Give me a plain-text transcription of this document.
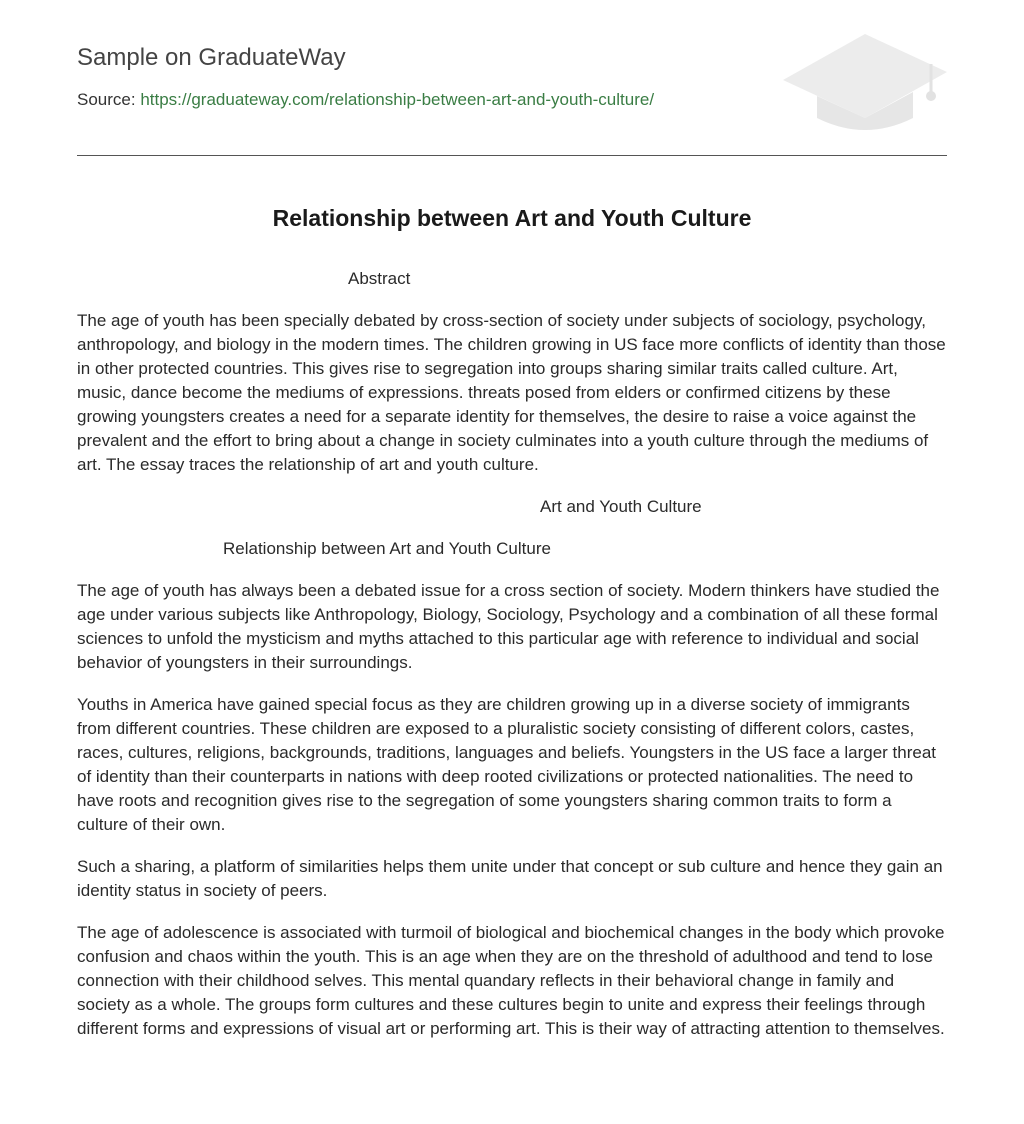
Sample on GraduateWay
Source: https://graduateway.com/relationship-between-art-and-youth-culture/
Relationship between Art and Youth Culture

Abstract

The age of youth has been specially debated by cross-section of society under subjects of sociology, psychology, anthropology, and biology in the modern times. The children growing in US face more conflicts of identity than those in other protected countries. This gives rise to segregation into groups sharing similar traits called culture. Art, music, dance become the mediums of expressions. threats posed from elders or confirmed citizens by these growing youngsters creates a need for a separate identity for themselves, the desire to raise a voice against the prevalent and the effort to bring about a change in society culminates into a youth culture through the mediums of art. The essay traces the relationship of art and youth culture.

Art and Youth Culture

Relationship between Art and Youth Culture

The age of youth has always been a debated issue for a cross section of society. Modern thinkers have studied the age under various subjects like Anthropology, Biology, Sociology, Psychology and a combination of all these formal sciences to unfold the mysticism and myths attached to this particular age with reference to individual and social behavior of youngsters in their surroundings.

Youths in America have gained special focus as they are children growing up in a diverse society of immigrants from different countries. These children are exposed to a pluralistic society consisting of different colors, castes, races, cultures, religions, backgrounds, traditions, languages and beliefs. Youngsters in the US face a larger threat of identity than their counterparts in nations with deep rooted civilizations or protected nationalities. The need to have roots and recognition gives rise to the segregation of some youngsters sharing common traits to form a culture of their own.

Such a sharing, a platform of similarities helps them unite under that concept or sub culture and hence they gain an identity status in society of peers.

The age of adolescence is associated with turmoil of biological and biochemical changes in the body which provoke confusion and chaos within the youth. This is an age when they are on the threshold of adulthood and tend to lose connection with their childhood selves. This mental quandary reflects in their behavioral change in family and society as a whole. The groups form cultures and these cultures begin to unite and express their feelings through different forms and expressions of visual art or performing art. This is their way of attracting attention to themselves.
